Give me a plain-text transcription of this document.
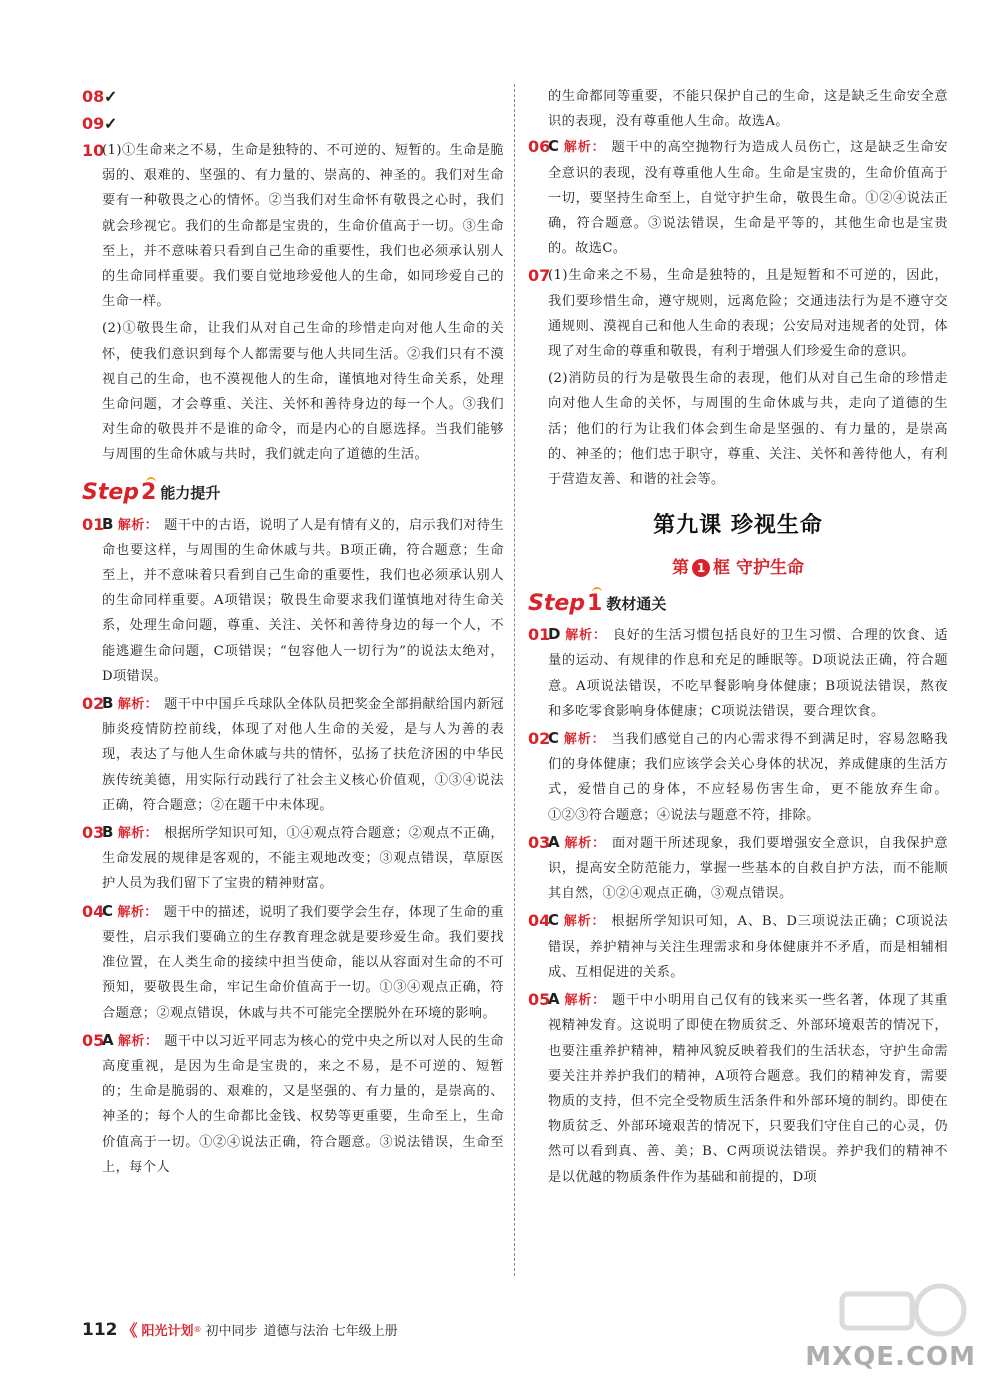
08 ✓
09 ✓
10
(1)①生命来之不易，生命是独特的、不可逆的、短暂的。生命是脆弱的、艰难的、坚强的、有力量的、崇高的、神圣的。我们对生命要有一种敬畏之心的情怀。②当我们对生命怀有敬畏之心时，我们就会珍视它。我们的生命都是宝贵的，生命价值高于一切。③生命至上，并不意味着只看到自己生命的重要性，我们也必须承认别人的生命同样重要。我们要自觉地珍爱他人的生命，如同珍爱自己的生命一样。
(2)①敬畏生命，让我们从对自己生命的珍惜走向对他人生命的关怀，使我们意识到每个人都需要与他人共同生活。②我们只有不漠视自己的生命，也不漠视他人的生命，谨慎地对待生命关系，处理生命问题，才会尊重、关注、关怀和善待身边的每一个人。③我们对生命的敬畏并不是谁的命令，而是内心的自愿选择。当我们能够与周围的生命休戚与共时，我们就走向了道德的生活。
Step 2 能力提升
01
B 解析： 题干中的古语，说明了人是有情有义的，启示我们对待生命也要这样，与周围的生命休戚与共。B项正确，符合题意；生命至上，并不意味着只看到自己生命的重要性，我们也必须承认别人的生命同样重要。A项错误；敬畏生命要求我们谨慎地对待生命关系，处理生命问题，尊重、关注、关怀和善待身边的每一个人，不能逃避生命问题，C项错误；“包容他人一切行为”的说法太绝对，D项错误。
02
B 解析： 题干中中国乒乓球队全体队员把奖金全部捐献给国内新冠肺炎疫情防控前线，体现了对他人生命的关爱，是与人为善的表现，表达了与他人生命休戚与共的情怀，弘扬了扶危济困的中华民族传统美德，用实际行动践行了社会主义核心价值观，①③④说法正确，符合题意；②在题干中未体现。
03
B 解析： 根据所学知识可知，①④观点符合题意；②观点不正确，生命发展的规律是客观的，不能主观地改变；③观点错误，草原医护人员为我们留下了宝贵的精神财富。
04
C 解析： 题干中的描述，说明了我们要学会生存，体现了生命的重要性，启示我们要确立的生存教育理念就是要珍爱生命。我们要找准位置，在人类生命的接续中担当使命，能以从容面对生命的不可预知，要敬畏生命，牢记生命价值高于一切。①③④观点正确，符合题意；②观点错误，休戚与共不可能完全摆脱外在环境的影响。
05
A 解析： 题干中以习近平同志为核心的党中央之所以对人民的生命高度重视，是因为生命是宝贵的，来之不易，是不可逆的、短暂的；生命是脆弱的、艰难的，又是坚强的、有力量的，是崇高的、神圣的；每个人的生命都比金钱、权势等更重要，生命至上，生命价值高于一切。①②④说法正确，符合题意。③说法错误，生命至上，每个人
的生命都同等重要，不能只保护自己的生命，这是缺乏生命安全意识的表现，没有尊重他人生命。故选A。
06
C 解析： 题干中的高空抛物行为造成人员伤亡，这是缺乏生命安全意识的表现，没有尊重他人生命。生命是宝贵的，生命价值高于一切，要坚持生命至上，自觉守护生命，敬畏生命。①②④说法正确，符合题意。③说法错误，生命是平等的，其他生命也是宝贵的。故选C。
07
(1)生命来之不易，生命是独特的，且是短暂和不可逆的，因此，我们要珍惜生命，遵守规则，远离危险；交通违法行为是不遵守交通规则、漠视自己和他人生命的表现；公安局对违规者的处罚，体现了对生命的尊重和敬畏，有利于增强人们珍爱生命的意识。
(2)消防员的行为是敬畏生命的表现，他们从对自己生命的珍惜走向对他人生命的关怀，与周围的生命休戚与共，走向了道德的生活；他们的行为让我们体会到生命是坚强的、有力量的，是崇高的、神圣的；他们忠于职守，尊重、关注、关怀和善待他人，有利于营造友善、和谐的社会等。
第九课 珍视生命
第 1 框 守护生命
Step 1 教材通关
01
D 解析： 良好的生活习惯包括良好的卫生习惯、合理的饮食、适量的运动、有规律的作息和充足的睡眠等。D项说法正确，符合题意。A项说法错误，不吃早餐影响身体健康；B项说法错误，熬夜和多吃零食影响身体健康；C项说法错误，要合理饮食。
02
C 解析： 当我们感觉自己的内心需求得不到满足时，容易忽略我们的身体健康；我们应该学会关心身体的状况，养成健康的生活方式，爱惜自己的身体，不应轻易伤害生命，更不能放弃生命。①②③符合题意；④说法与题意不符，排除。
03
A 解析： 面对题干所述现象，我们要增强安全意识，自我保护意识，提高安全防范能力，掌握一些基本的自救自护方法，而不能顺其自然，①②④观点正确，③观点错误。
04
C 解析： 根据所学知识可知，A、B、D三项说法正确；C项说法错误，养护精神与关注生理需求和身体健康并不矛盾，而是相辅相成、互相促进的关系。
05
A 解析： 题干中小明用自己仅有的钱来买一些名著，体现了其重视精神发育。这说明了即使在物质贫乏、外部环境艰苦的情况下，也要注重养护精神，精神风貌反映着我们的生活状态，守护生命需要关注并养护我们的精神，A项符合题意。我们的精神发育，需要物质的支持，但不完全受物质生活条件和外部环境的制约。即使在物质贫乏、外部环境艰苦的情况下，只要我们守住自己的心灵，仍然可以看到真、善、美；B、C两项说法错误。养护我们的精神不是以优越的物质条件作为基础和前提的，D项
112 《 阳光计划 ® 初中同步 道德与法治 七年级上册
MXQE.COM
